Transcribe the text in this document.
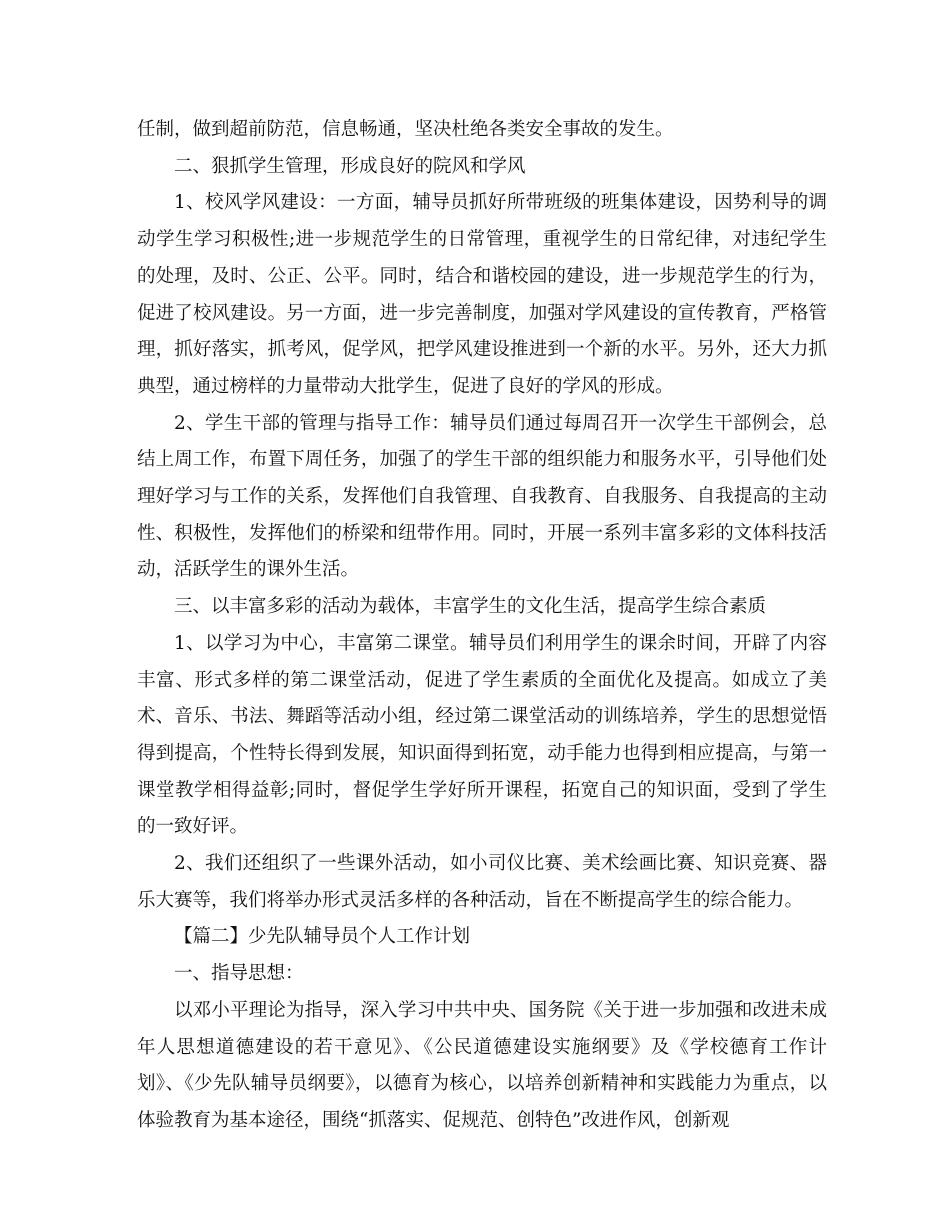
任制，做到超前防范，信息畅通，坚决杜绝各类安全事故的发生。

二、狠抓学生管理，形成良好的院风和学风

1、校风学风建设：一方面，辅导员抓好所带班级的班集体建设，因势利导的调动学生学习积极性;进一步规范学生的日常管理，重视学生的日常纪律，对违纪学生的处理，及时、公正、公平。同时，结合和谐校园的建设，进一步规范学生的行为，促进了校风建设。另一方面，进一步完善制度，加强对学风建设的宣传教育，严格管理，抓好落实，抓考风，促学风，把学风建设推进到一个新的水平。另外，还大力抓典型，通过榜样的力量带动大批学生，促进了良好的学风的形成。

2、学生干部的管理与指导工作：辅导员们通过每周召开一次学生干部例会，总结上周工作，布置下周任务，加强了的学生干部的组织能力和服务水平，引导他们处理好学习与工作的关系，发挥他们自我管理、自我教育、自我服务、自我提高的主动性、积极性，发挥他们的桥梁和纽带作用。同时，开展一系列丰富多彩的文体科技活动，活跃学生的课外生活。

三、以丰富多彩的活动为载体，丰富学生的文化生活，提高学生综合素质

1、以学习为中心，丰富第二课堂。辅导员们利用学生的课余时间，开辟了内容丰富、形式多样的第二课堂活动，促进了学生素质的全面优化及提高。如成立了美术、音乐、书法、舞蹈等活动小组，经过第二课堂活动的训练培养，学生的思想觉悟得到提高，个性特长得到发展，知识面得到拓宽，动手能力也得到相应提高，与第一课堂教学相得益彰;同时，督促学生学好所开课程，拓宽自己的知识面，受到了学生的一致好评。

2、我们还组织了一些课外活动，如小司仪比赛、美术绘画比赛、知识竞赛、器乐大赛等，我们将举办形式灵活多样的各种活动，旨在不断提高学生的综合能力。

【篇二】少先队辅导员个人工作计划

一、指导思想：

以邓小平理论为指导，深入学习中共中央、国务院《关于进一步加强和改进未成年人思想道德建设的若干意见》、《公民道德建设实施纲要》及《学校德育工作计划》、《少先队辅导员纲要》，以德育为核心，以培养创新精神和实践能力为重点，以体验教育为基本途径，围绕“抓落实、促规范、创特色”改进作风，创新观
